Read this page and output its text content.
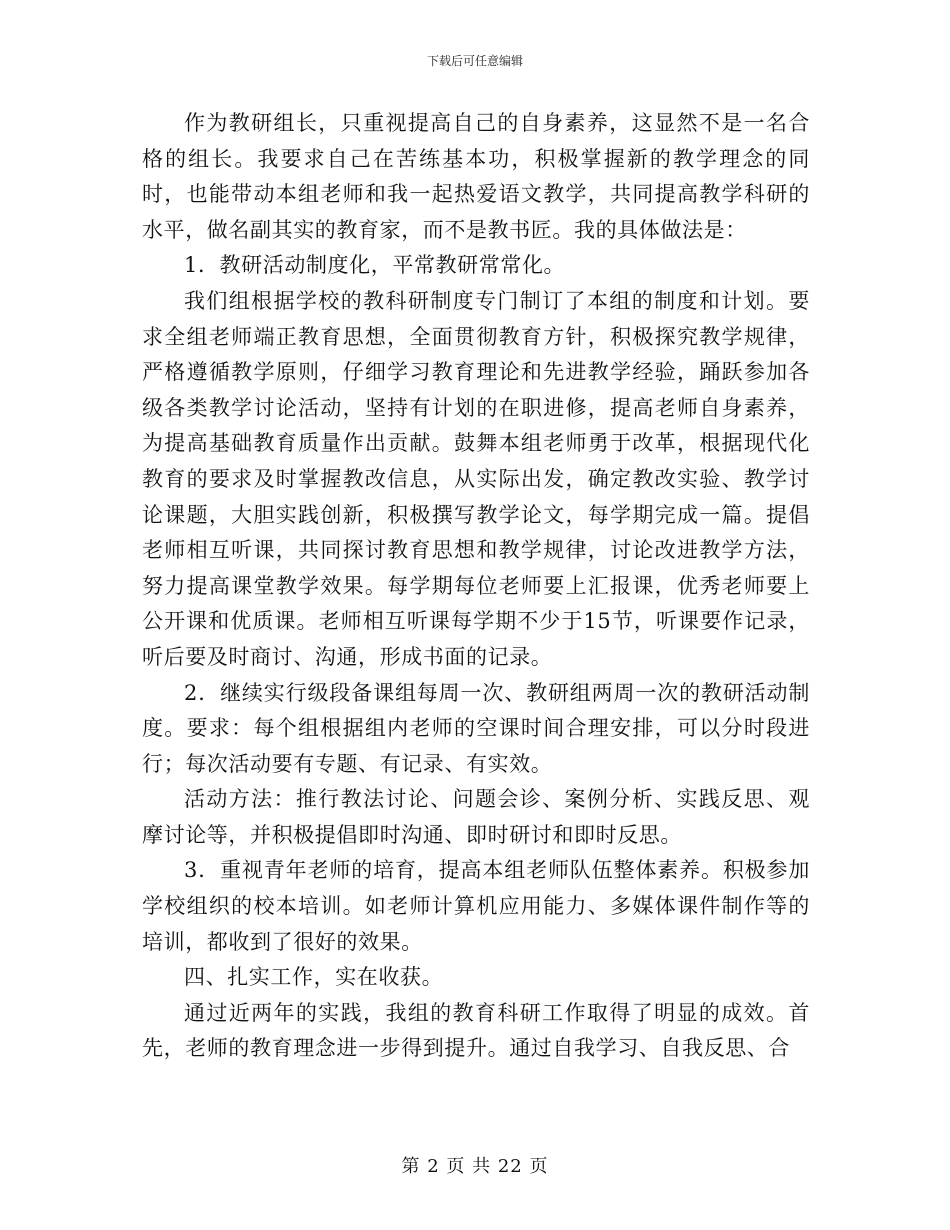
下载后可任意编辑

作为教研组长，只重视提高自己的自身素养，这显然不是一名合格的组长。我要求自己在苦练基本功，积极掌握新的教学理念的同时，也能带动本组老师和我一起热爱语文教学，共同提高教学科研的水平，做名副其实的教育家，而不是教书匠。我的具体做法是：

1．教研活动制度化，平常教研常常化。

我们组根据学校的教科研制度专门制订了本组的制度和计划。要求全组老师端正教育思想，全面贯彻教育方针，积极探究教学规律，严格遵循教学原则，仔细学习教育理论和先进教学经验，踊跃参加各级各类教学讨论活动，坚持有计划的在职进修，提高老师自身素养，为提高基础教育质量作出贡献。鼓舞本组老师勇于改革，根据现代化教育的要求及时掌握教改信息，从实际出发，确定教改实验、教学讨论课题，大胆实践创新，积极撰写教学论文，每学期完成一篇。提倡老师相互听课，共同探讨教育思想和教学规律，讨论改进教学方法，努力提高课堂教学效果。每学期每位老师要上汇报课，优秀老师要上公开课和优质课。老师相互听课每学期不少于15节，听课要作记录，听后要及时商讨、沟通，形成书面的记录。

2．继续实行级段备课组每周一次、教研组两周一次的教研活动制度。要求：每个组根据组内老师的空课时间合理安排，可以分时段进行；每次活动要有专题、有记录、有实效。

活动方法：推行教法讨论、问题会诊、案例分析、实践反思、观摩讨论等，并积极提倡即时沟通、即时研讨和即时反思。

3．重视青年老师的培育，提高本组老师队伍整体素养。积极参加学校组织的校本培训。如老师计算机应用能力、多媒体课件制作等的培训，都收到了很好的效果。

四、扎实工作，实在收获。

通过近两年的实践，我组的教育科研工作取得了明显的成效。首先，老师的教育理念进一步得到提升。通过自我学习、自我反思、合

第 2 页 共 22 页
